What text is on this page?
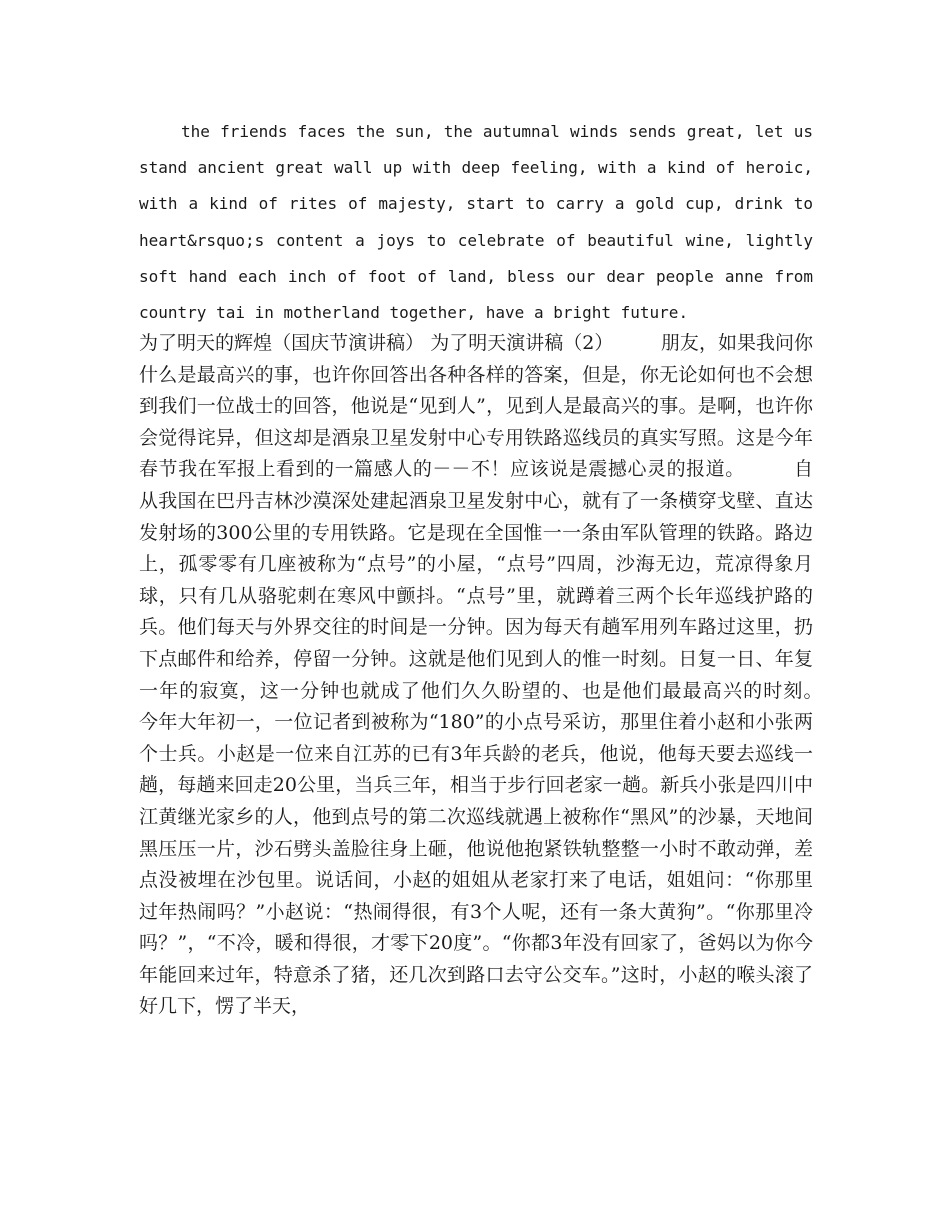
the friends faces the sun, the autumnal winds sends great, let us stand ancient great wall up with deep feeling, with a kind of heroic, with a kind of rites of majesty, start to carry a gold cup, drink to heart&rsquo;s content a joys to celebrate of beautiful wine, lightly soft hand each inch of foot of land, bless our dear people anne from country tai in motherland together, have a bright future.

为了明天的辉煌（国庆节演讲稿） 为了明天演讲稿（2）　　　朋友，如果我问你什么是最高兴的事，也许你回答出各种各样的答案，但是，你无论如何也不会想到我们一位战士的回答，他说是“见到人”，见到人是最高兴的事。是啊，也许你会觉得诧异，但这却是酒泉卫星发射中心专用铁路巡线员的真实写照。这是今年春节我在军报上看到的一篇感人的－－不！应该说是震撼心灵的报道。　　　自从我国在巴丹吉林沙漠深处建起酒泉卫星发射中心，就有了一条横穿戈壁、直达发射场的300公里的专用铁路。它是现在全国惟一一条由军队管理的铁路。路边上，孤零零有几座被称为“点号”的小屋，“点号”四周，沙海无边，荒凉得象月球，只有几从骆驼刺在寒风中颤抖。“点号”里，就蹲着三两个长年巡线护路的兵。他们每天与外界交往的时间是一分钟。因为每天有趟军用列车路过这里，扔下点邮件和给养，停留一分钟。这就是他们见到人的惟一时刻。日复一日、年复一年的寂寞，这一分钟也就成了他们久久盼望的、也是他们最最高兴的时刻。　　　今年大年初一，一位记者到被称为“180”的小点号采访，那里住着小赵和小张两个士兵。小赵是一位来自江苏的已有3年兵龄的老兵，他说，他每天要去巡线一趟，每趟来回走20公里，当兵三年，相当于步行回老家一趟。新兵小张是四川中江黄继光家乡的人，他到点号的第二次巡线就遇上被称作“黑风”的沙暴，天地间黑压压一片，沙石劈头盖脸往身上砸，他说他抱紧铁轨整整一小时不敢动弹，差点没被埋在沙包里。说话间，小赵的姐姐从老家打来了电话，姐姐问：“你那里过年热闹吗？”小赵说：“热闹得很，有3个人呢，还有一条大黄狗”。“你那里冷吗？”，“不冷，暖和得很，才零下20度”。“你都3年没有回家了，爸妈以为你今年能回来过年，特意杀了猪，还几次到路口去守公交车。”这时，小赵的喉头滚了好几下，愣了半天，
